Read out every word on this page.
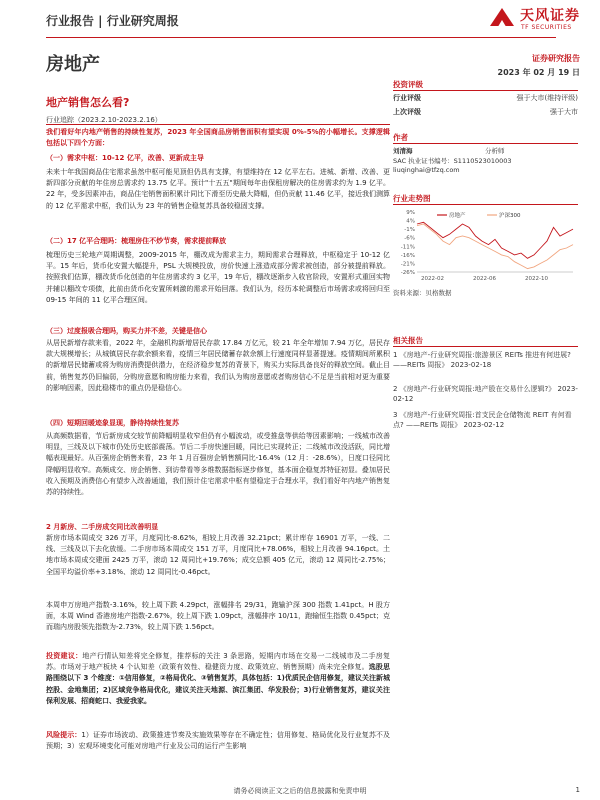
行业报告 | 行业研究周报	天风证券
TF SECURITIES
房地产	证券研究报告
2023 年 02 月 19 日
地产销售怎么看?
行业追踪（2023.2.10-2023.2.16）
我们看好年内地产销售的持续性复苏，2023 年全国商品房销售面积有望实现 0%-5%的小幅增长。支撑逻辑包括以下四个方面：
（一）需求中枢：10-12 亿平，改善、更新成主导
未来十年我国商品住宅需求虽然中枢可能见顶但仍具有支撑，有望维持在 12 亿平左右。进城、新增、改善、更新四部分贡献的年住房总需求约 13.75 亿平。预计"十五五"期间每年由保租房解决的住房需求约为 1.9 亿平。22 年，受多因素冲击，商品住宅销售面积累计同比下滑至历史最大降幅，但仍贡献 11.46 亿平，接近我们测算的 12 亿平需求中枢，我们认为 23 年的销售企稳复苏具备较稳固支撑。
（二）17 亿平合理吗：梳理房住不炒节奏，需求提前释放
梳理历史三轮地产周期调整，2009-2015 年，棚改成为需求主力，期间需求合理释放，中枢稳定于 10-12 亿平。15 年后，货币化安置大幅提升，PSL 大规模投放，房价快速上涨造成部分需求被创造，部分被提前释放。按照我们估算，棚改货币化创造的年住房需求约 3 亿平，19 年后，棚改逐渐步入收官阶段，安置形式重回实物并辅以棚改专项债，此前由货币化安置所刺激的需求开始回落。我们认为，经历本轮调整后市场需求或将回归至 09-15 年间的 11 亿平合理区间。
（三）过度报吸合理吗，购买力并不差，关键是信心
从居民新增存款来看，2022 年，金融机构新增居民存款 17.84 万亿元，较 21 年全年增加 7.94 万亿，居民存款大规模增长；从城镇居民存款余额来看，疫情三年居民储蓄存款余额上行速度同样显著提速。疫情期间所累积的新增居民储蓄或将为购房消费提供潜力，在经济稳步复苏的背景下，购买力实际具备良好的释放空间。截止目前，销售复苏仍旧偏弱，分购房意愿和购房能力来看，我们认为购房意愿或者购房信心不足是当前相对更为重要的影响因素，因此稳楼市的重点仍是稳信心。
（四）短期回暖迹象显现，静待持续性复苏
从高频数据看，节后新房成交较节前降幅明显收窄但仍有小幅波动，或受推盘等供给等因素影响；一线城市改善明显，三线及以下城市仍处历史底部震荡。节后二手房快速回暖，同比已实现转正；二线城市改没活跃，同比增幅表现最好。从百强房企销售来看，23 年 1 月百强房企销售额同比-16.4%（12 月：-28.6%），日度口径同比降幅明显收窄。高频成交、房企销售、到访带看等多维数据指标逐步修复，基本面企稳复苏特征初显。叠加居民收入预期及消费信心有望步入改善通道，我们预计住宅需求中枢有望稳定于合理水平，我们看好年内地产销售复苏的持续性。
2 月新房、二手房成交同比改善明显
新房市场本周成交 326 万平，月度同比-8.62%，相较上月改善 32.21pct；累计库存 16901 万平，一线、二线、三线及以下去化放缓。二手房市场本周成交 151 万平，月度同比+78.06%，相较上月改善 94.16pct。土地市场本周成交建面 2425 万平，滚动 12 周同比+19.76%；成交总额 405 亿元，滚动 12 周同比-2.75%；全国平均溢价率+3.18%、滚动 12 周同比-0.46pct。
本周申万房地产指数-3.16%，较上周下跌 4.29pct，涨幅排名 29/31，跑输沪深 300 指数 1.41pct。H 股方面，本周 Wind 香港房地产指数-2.67%，较上周下跌 1.09pct，涨幅排序 10/11，跑输恒生指数 0.45pct；克而瑞内房股领先指数为-2.73%，较上周下跌 1.56pct。
投资建议：地产行情认知差将完全修复，推荐标的关注 3 条思路，短期内市场在交易一二线城市及二手房复苏。市场对于地产板块 4 个认知差（政策有效性、稳健资力度、政策效应、销售预期）尚未完全修复。选股思路围绕以下 3 个维度：①信用修复，②格局优化、③销售复苏，具体包括：1)优质民企信用修复，建议关注新城控股、金地集团；2)区域竞争格局优化，建议关注天地源、滨江集团、华发股份；3)行业销售复苏，建议关注保利发展、招商蛇口、我爱我家。
风险提示：1）证券市场波动、政策推进节奏及实施效果等存在不确定性；信用修复、格局优化及行业复苏不及预期；3）宏观环境变化可能对房地产行业及公司的运行产生影响
投资评级
行业评级	强于大市(维持评级)
上次评级	强于大市
作者
刘清海	分析师
SAC 执业证书编号：S1110523010003
liuqinghai@tfzq.com
行业走势图
9%
4%
-1%
-6%
-11%
-16%
-21%
-26%
2022-02	2022-06	2022-10
房地产	沪深300
资料来源：贝格数据
相关报告
1 《房地产-行业研究周报:旅游景区 REITs 推进有何进展? ——REITs 周报》 2023-02-18
2 《房地产-行业研究周报:地产股在交易什么逻辑?》 2023-02-12
3 《房地产-行业研究周报:首支民企仓储物流 REIT 有何看点? ——REITs 周报》 2023-02-12
请务必阅读正文之后的信息披露和免责申明	1
